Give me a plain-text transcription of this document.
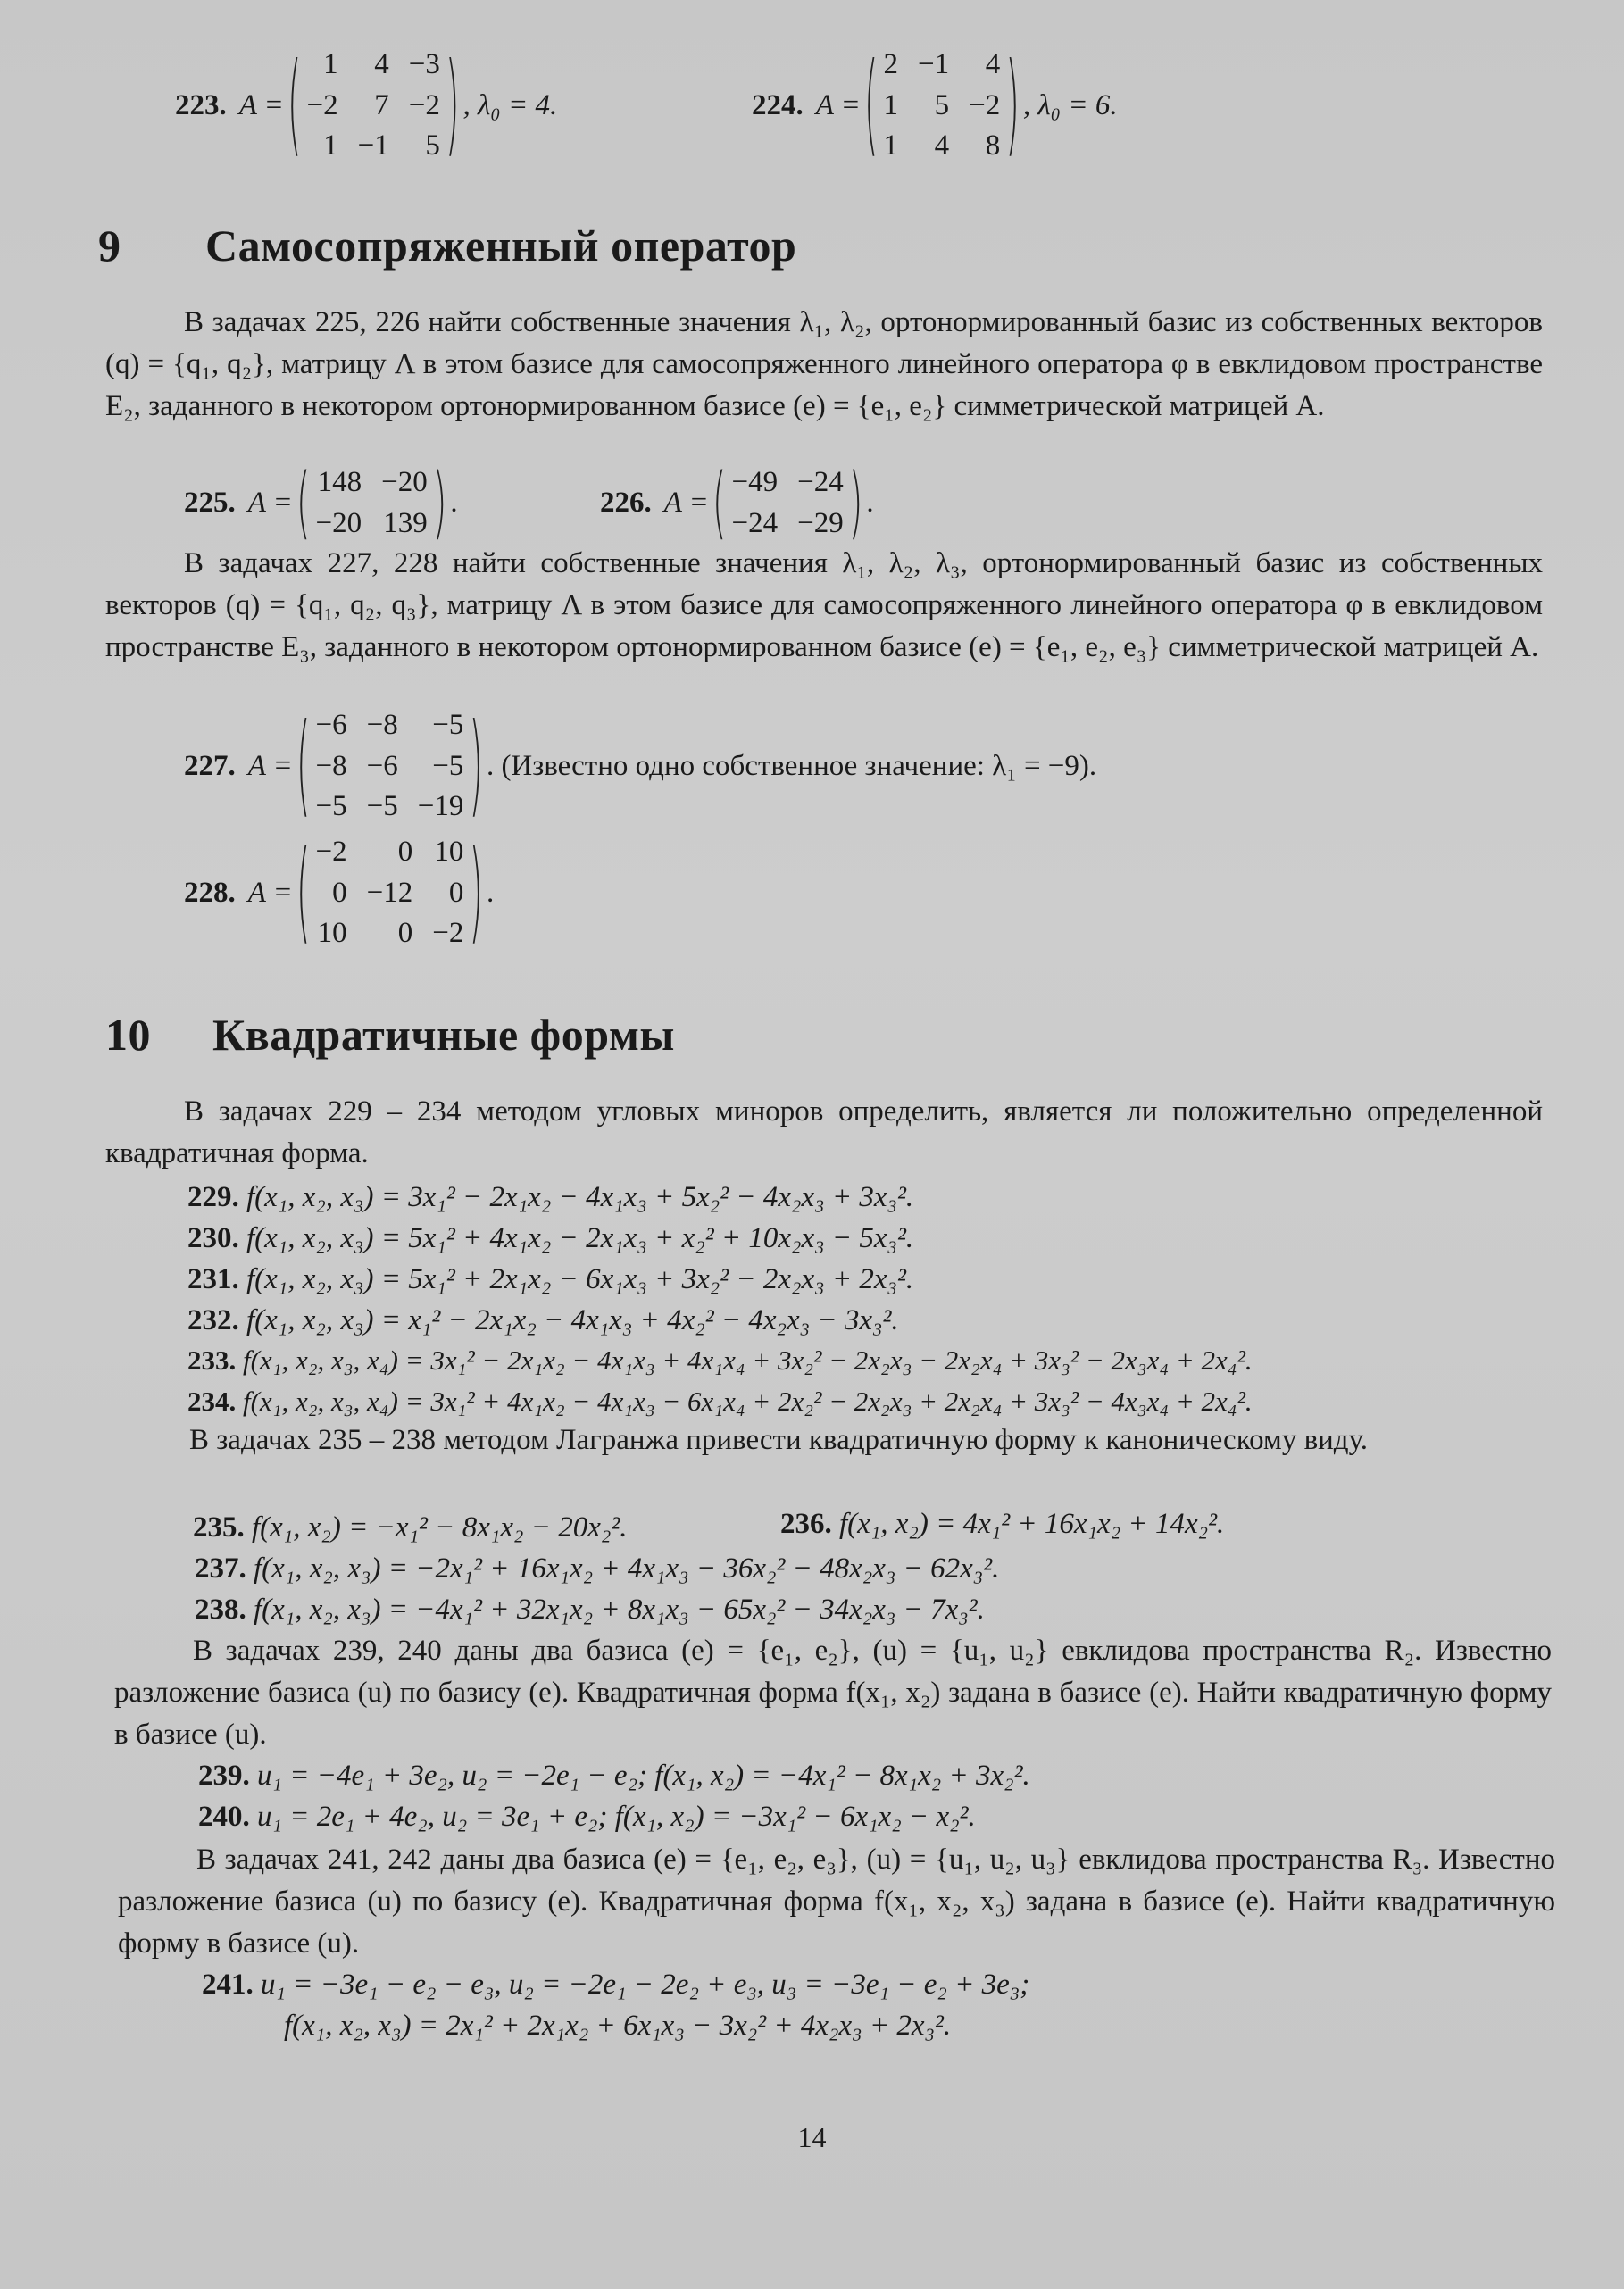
223. A = ( 1	4 −3
−2	7 −2
1 −1	5 ) , λ₀ = 4.	224. A = ( 2 −1	4
1	5 −2
1	4	8 ) , λ₀ = 6.
9 Самосопряженный оператор
В задачах 225, 226 найти собственные значения λ₁, λ₂, ортонормированный базис из собственных векторов (q) = {q₁, q₂}, матрицу Λ в этом базисе для самосопряженного линейного оператора φ в евклидовом пространстве E₂, заданного в некотором ортонормированном базисе (e) = {e₁, e₂} симметрической матрицей A.
225. A = ( 148 −20
−20 139 ) .	226. A = ( −49 −24
−24 −29 ) .
В задачах 227, 228 найти собственные значения λ₁, λ₂, λ₃, ортонормированный базис из собственных векторов (q) = {q₁, q₂, q₃}, матрицу Λ в этом базисе для самосопряженного линейного оператора φ в евклидовом пространстве E₃, заданного в некотором ортонормированном базисе (e) = {e₁, e₂, e₃} симметрической матрицей A.
227. A = ( −6 −8	−5
−8 −6	−5
−5 −5 −19 ) . (Известно одно собственное значение: λ₁ = −9).
228. A = ( −2	0 10
0 −12	0
10	0 −2 ) .
10 Квадратичные формы
В задачах 229 – 234 методом угловых миноров определить, является ли положительно определенной квадратичная форма.
229. f(x₁, x₂, x₃) = 3x₁² − 2x₁x₂ − 4x₁x₃ + 5x₂² − 4x₂x₃ + 3x₃².
230. f(x₁, x₂, x₃) = 5x₁² + 4x₁x₂ − 2x₁x₃ + x₂² + 10x₂x₃ − 5x₃².
231. f(x₁, x₂, x₃) = 5x₁² + 2x₁x₂ − 6x₁x₃ + 3x₂² − 2x₂x₃ + 2x₃².
232. f(x₁, x₂, x₃) = x₁² − 2x₁x₂ − 4x₁x₃ + 4x₂² − 4x₂x₃ − 3x₃².
233. f(x₁, x₂, x₃, x₄) = 3x₁² − 2x₁x₂ − 4x₁x₃ + 4x₁x₄ + 3x₂² − 2x₂x₃ − 2x₂x₄ + 3x₃² − 2x₃x₄ + 2x₄².
234. f(x₁, x₂, x₃, x₄) = 3x₁² + 4x₁x₂ − 4x₁x₃ − 6x₁x₄ + 2x₂² − 2x₂x₃ + 2x₂x₄ + 3x₃² − 4x₃x₄ + 2x₄².
В задачах 235 – 238 методом Лагранжа привести квадратичную форму к каноническому виду.
235. f(x₁, x₂) = −x₁² − 8x₁x₂ − 20x₂².	236. f(x₁, x₂) = 4x₁² + 16x₁x₂ + 14x₂².
237. f(x₁, x₂, x₃) = −2x₁² + 16x₁x₂ + 4x₁x₃ − 36x₂² − 48x₂x₃ − 62x₃².
238. f(x₁, x₂, x₃) = −4x₁² + 32x₁x₂ + 8x₁x₃ − 65x₂² − 34x₂x₃ − 7x₃².
В задачах 239, 240 даны два базиса (e) = {e₁, e₂}, (u) = {u₁, u₂} евклидова пространства R₂. Известно разложение базиса (u) по базису (e). Квадратичная форма f(x₁, x₂) задана в базисе (e). Найти квадратичную форму в базисе (u).
239. u₁ = −4e₁ + 3e₂, u₂ = −2e₁ − e₂; f(x₁, x₂) = −4x₁² − 8x₁x₂ + 3x₂².
240. u₁ = 2e₁ + 4e₂, u₂ = 3e₁ + e₂; f(x₁, x₂) = −3x₁² − 6x₁x₂ − x₂².
В задачах 241, 242 даны два базиса (e) = {e₁, e₂, e₃}, (u) = {u₁, u₂, u₃} евклидова пространства R₃. Известно разложение базиса (u) по базису (e). Квадратичная форма f(x₁, x₂, x₃) задана в базисе (e). Найти квадратичную форму в базисе (u).
241. u₁ = −3e₁ − e₂ − e₃, u₂ = −2e₁ − 2e₂ + e₃, u₃ = −3e₁ − e₂ + 3e₃;
f(x₁, x₂, x₃) = 2x₁² + 2x₁x₂ + 6x₁x₃ − 3x₂² + 4x₂x₃ + 2x₃².
14
